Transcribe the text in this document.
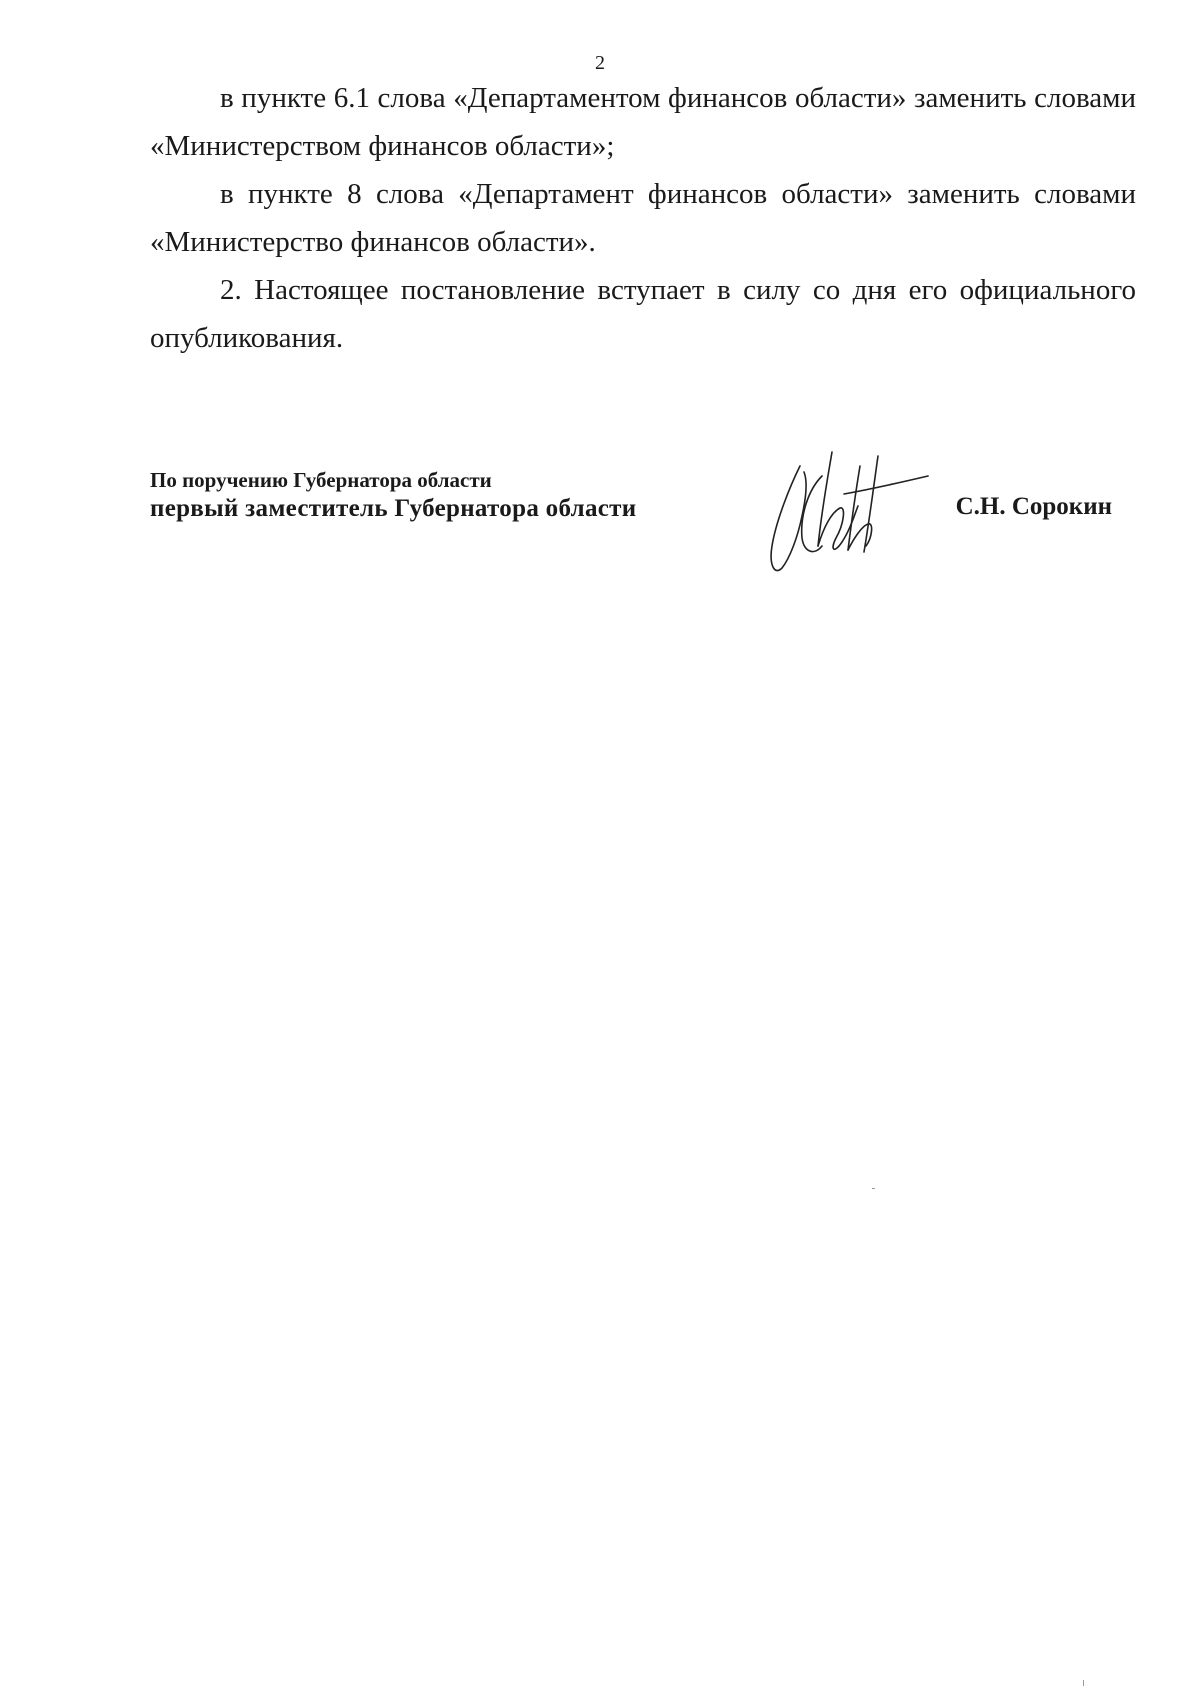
2

в пункте 6.1 слова «Департаментом финансов области» заменить словами «Министерством финансов области»;

в пункте 8 слова «Департамент финансов области» заменить словами «Министерство финансов области».

2. Настоящее постановление вступает в силу со дня его официального опубликования.

По поручению Губернатора области
первый заместитель Губернатора области	С.Н. Сорокин
